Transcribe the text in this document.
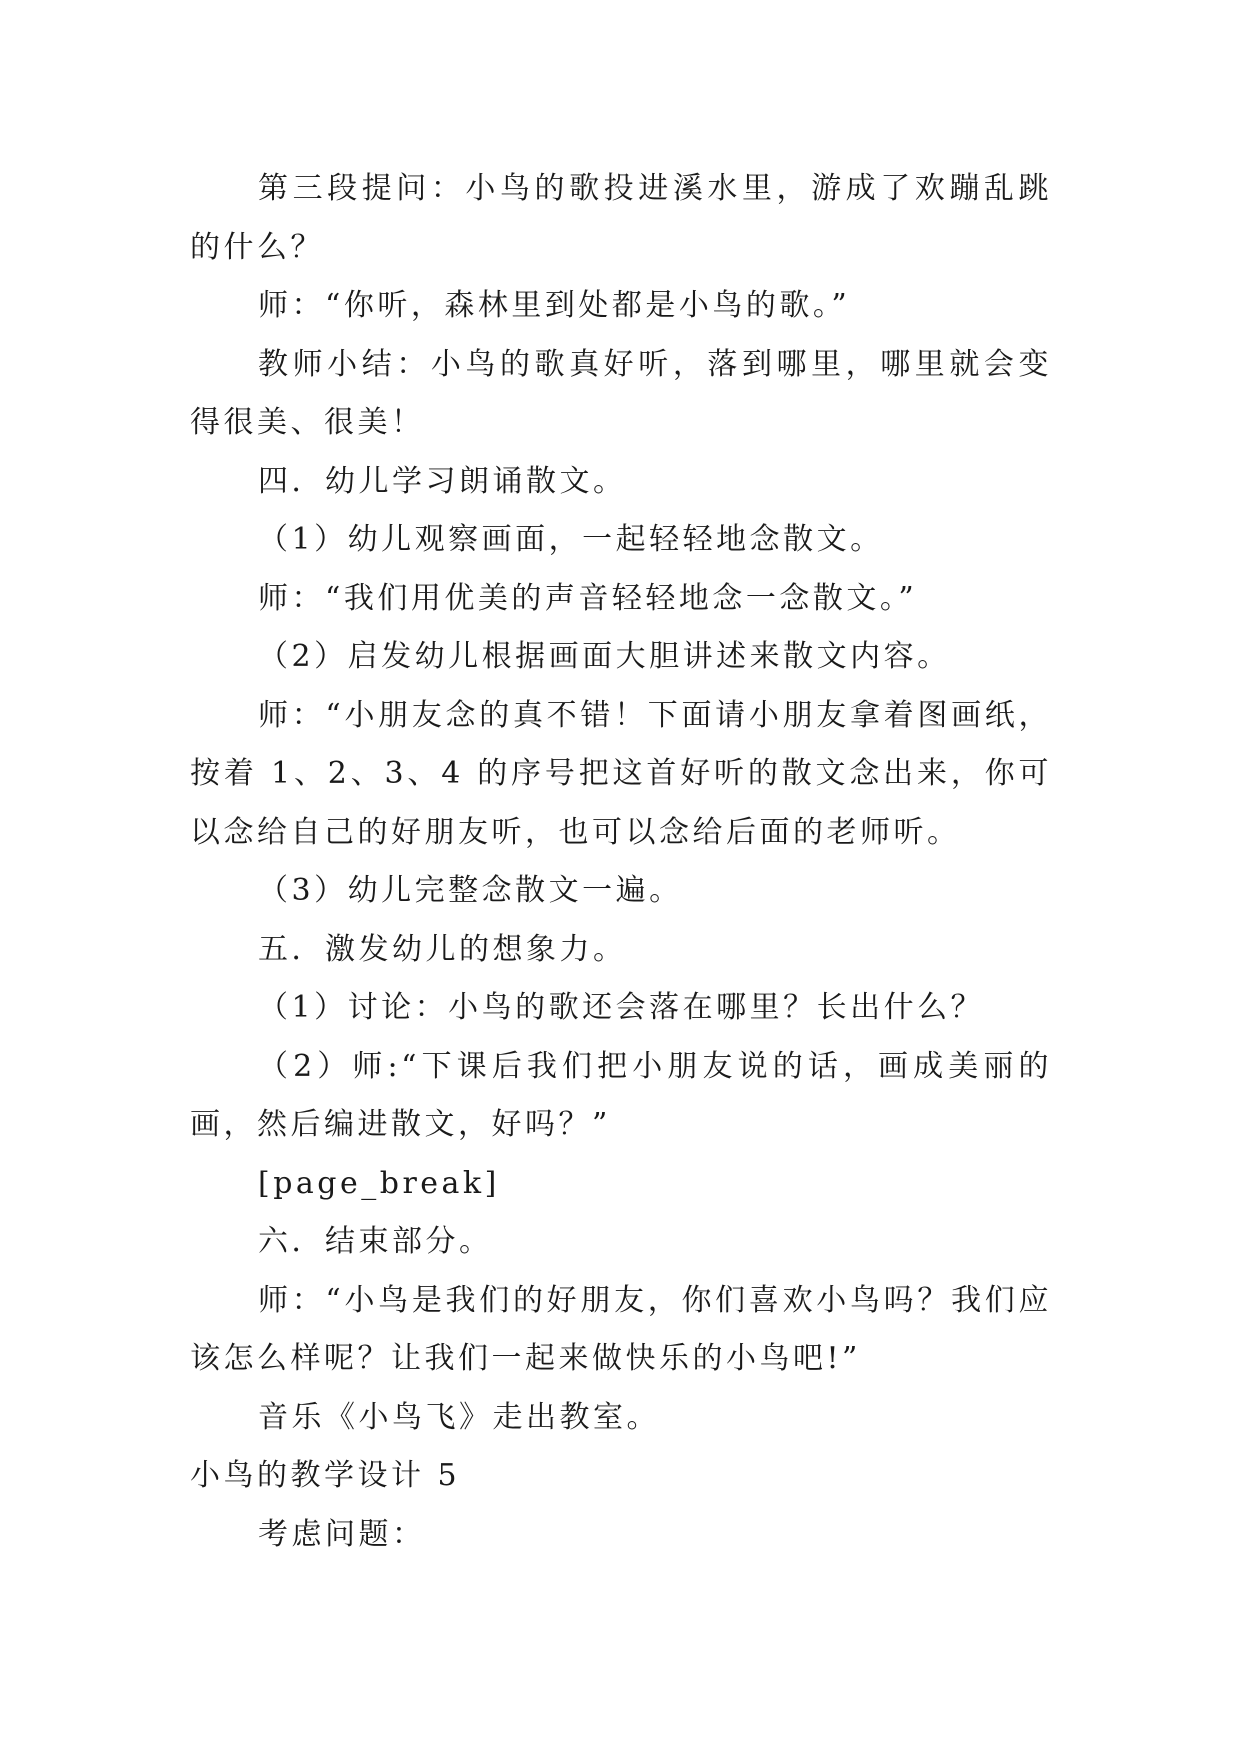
第三段提问：小鸟的歌投进溪水里，游成了欢蹦乱跳的什么？

师：“你听，森林里到处都是小鸟的歌。”

教师小结：小鸟的歌真好听，落到哪里，哪里就会变得很美、很美！

四．幼儿学习朗诵散文。

（1）幼儿观察画面，一起轻轻地念散文。

师：“我们用优美的声音轻轻地念一念散文。”

（2）启发幼儿根据画面大胆讲述来散文内容。

师：“小朋友念的真不错！下面请小朋友拿着图画纸，按着 1、2、3、4 的序号把这首好听的散文念出来，你可以念给自己的好朋友听，也可以念给后面的老师听。

（3）幼儿完整念散文一遍。

五．激发幼儿的想象力。

（1）讨论：小鸟的歌还会落在哪里？长出什么？

（2）师:“下课后我们把小朋友说的话，画成美丽的画，然后编进散文，好吗？”

[page_break]

六．结束部分。

师：“小鸟是我们的好朋友，你们喜欢小鸟吗？我们应该怎么样呢？让我们一起来做快乐的小鸟吧!”

音乐《小鸟飞》走出教室。

小鸟的教学设计 5

考虑问题：
